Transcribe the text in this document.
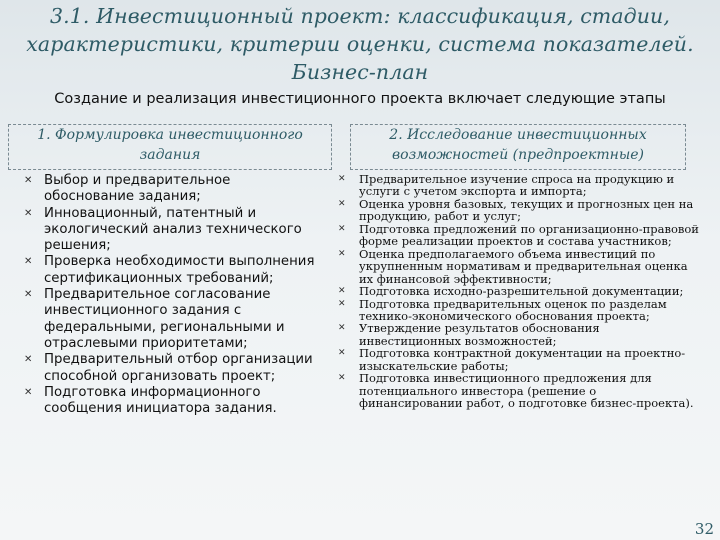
3.1. Инвестиционный проект: классификация, стадии, характеристики, критерии оценки, система показателей. Бизнес-план
Создание и реализация инвестиционного проекта включает следующие этапы
1. Формулировка инвестиционного задания
2. Исследование инвестиционных возможностей (предпроектные)
✕ Выбор и предварительное обоснование задания;
✕ Инновационный, патентный и экологический анализ технического решения;
✕ Проверка необходимости выполнения сертификационных требований;
✕ Предварительное согласование инвестиционного задания с федеральными, региональными и отраслевыми приоритетами;
✕ Предварительный отбор организации способной организовать проект;
✕ Подготовка информационного сообщения инициатора задания.
✕ Предварительное изучение спроса на продукцию и услуги с учетом экспорта и импорта;
✕ Оценка уровня базовых, текущих и прогнозных цен на продукцию, работ и услуг;
✕ Подготовка предложений по организационно-правовой форме реализации проектов и состава участников;
✕ Оценка предполагаемого объема инвестиций по укрупненным нормативам и предварительная оценка их финансовой эффективности;
✕ Подготовка исходно-разрешительной документации;
✕ Подготовка предварительных оценок по разделам технико-экономического обоснования проекта;
✕ Утверждение результатов обоснования инвестиционных возможностей;
✕ Подготовка контрактной документации на проектно-изыскательские работы;
✕ Подготовка инвестиционного предложения для потенциального инвестора (решение о финансировании работ, о подготовке бизнес-проекта).
32
